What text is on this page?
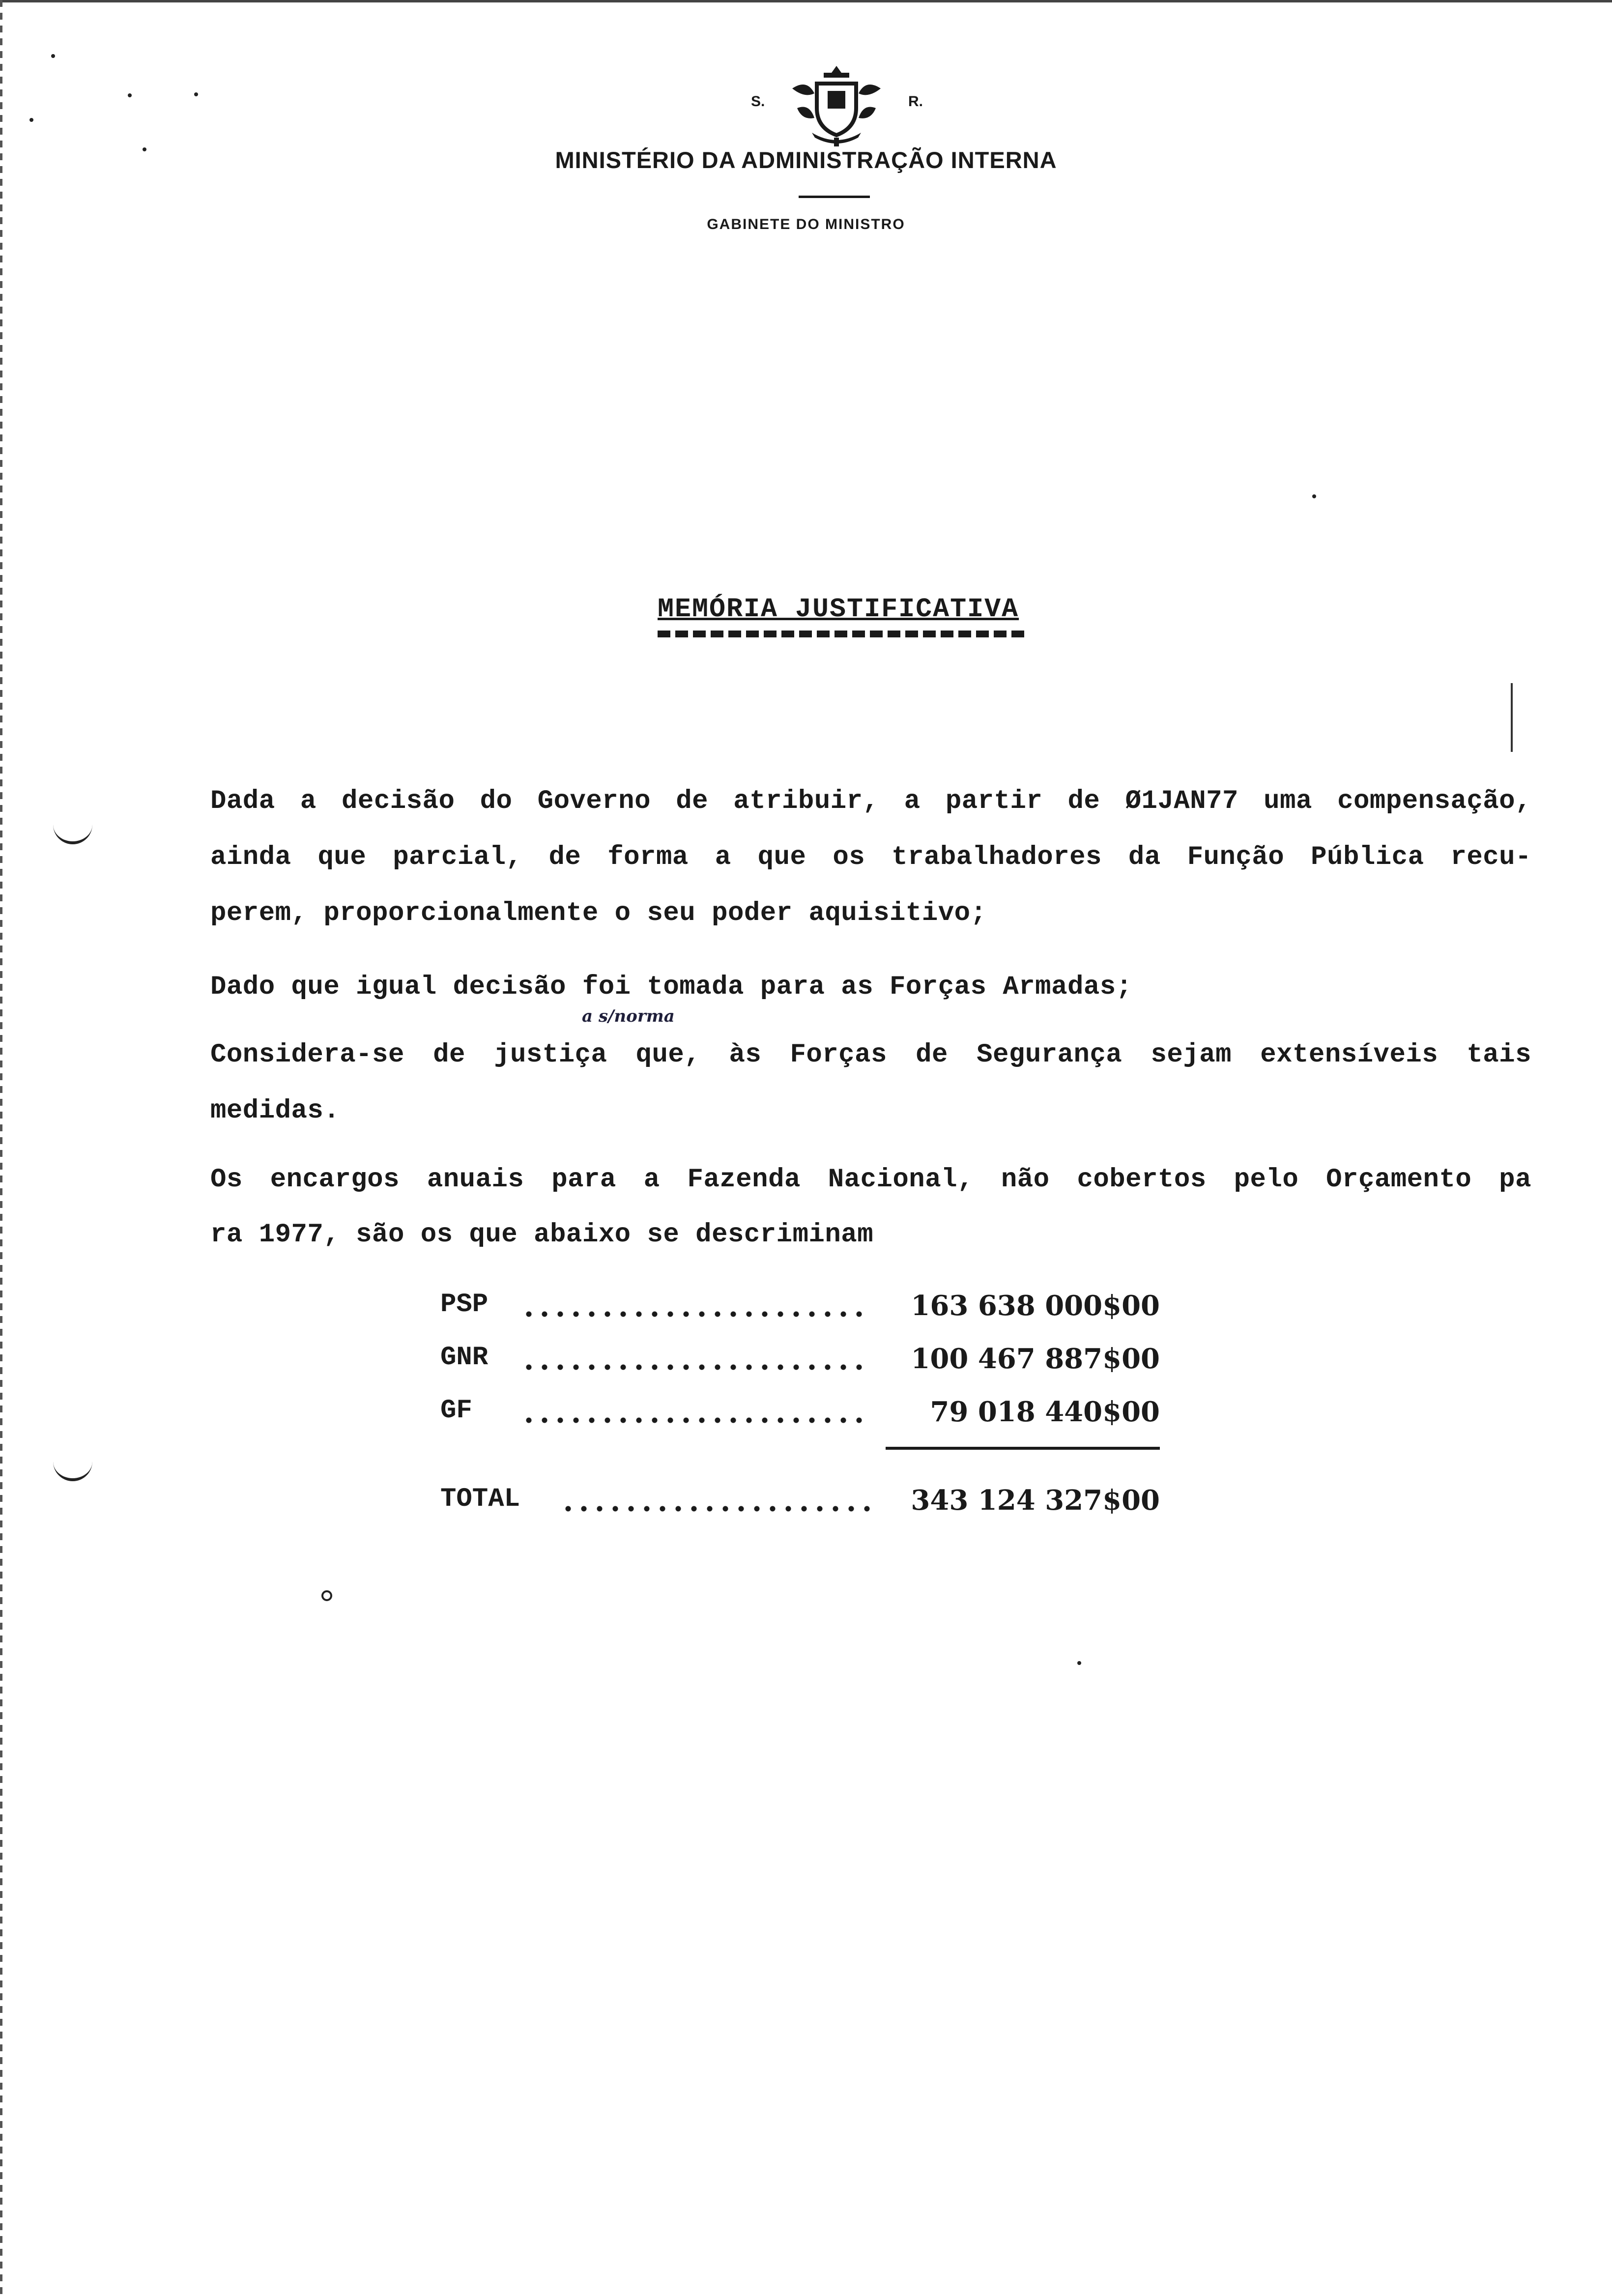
S.	R.
MINISTÉRIO DA ADMINISTRAÇÃO INTERNA
GABINETE DO MINISTRO
MEMÓRIA JUSTIFICATIVA
Dada a decisão do Governo de atribuir, a partir de Ø1JAN77 uma compensação,
ainda que parcial, de forma a que os trabalhadores da Função Pública recu-
perem, proporcionalmente o seu poder aquisitivo;
Dado que igual decisão foi tomada para as Forças Armadas;
a s/norma
Considera-se de justiça que, às Forças de Segurança sejam extensíveis tais
medidas.
Os encargos anuais para a Fazenda Nacional, não cobertos pelo Orçamento pa
ra 1977, são os que abaixo se descriminam
PSP	163 638 000$00
GNR	100 467 887$00
GF	79 018 440$00
TOTAL	343 124 327$00
